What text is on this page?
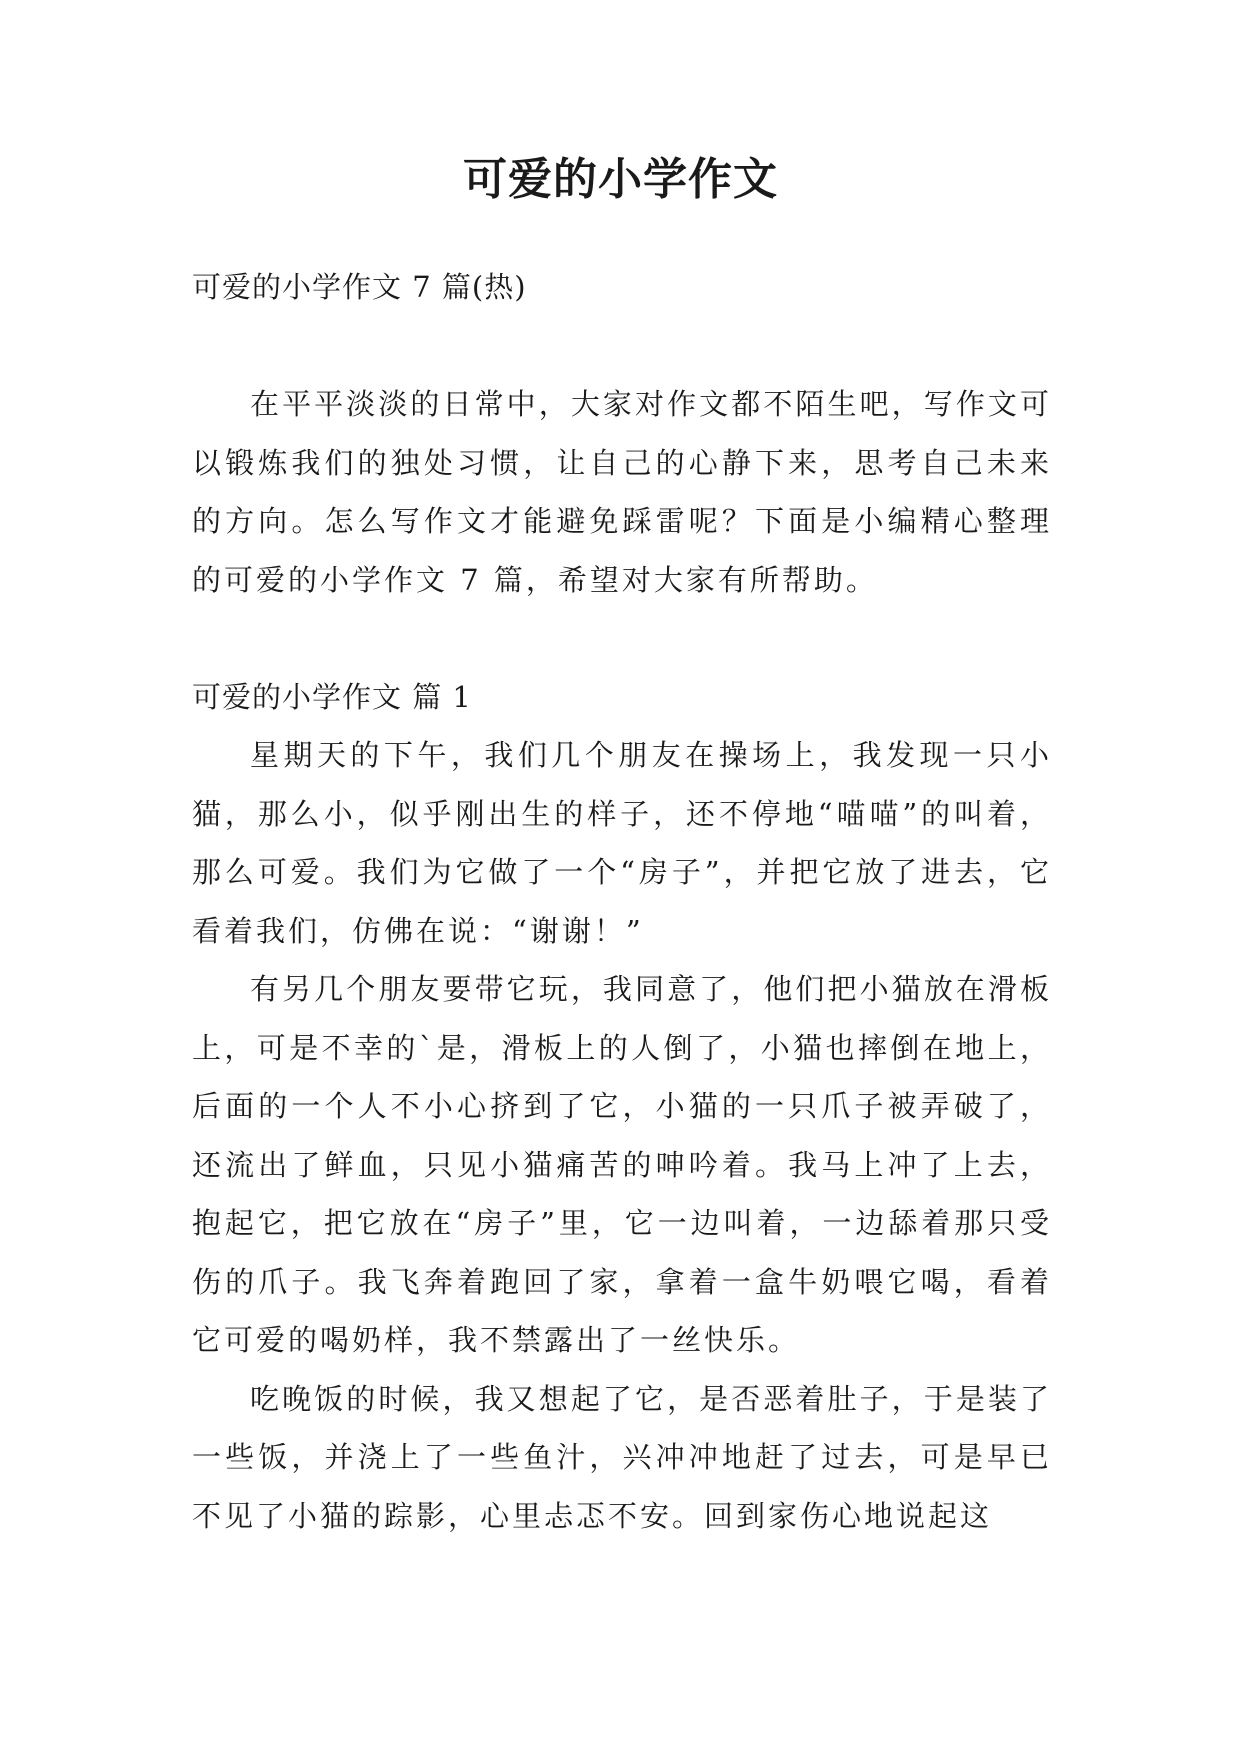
可爱的小学作文

可爱的小学作文 7 篇(热)

在平平淡淡的日常中，大家对作文都不陌生吧，写作文可以锻炼我们的独处习惯，让自己的心静下来，思考自己未来的方向。怎么写作文才能避免踩雷呢？下面是小编精心整理的可爱的小学作文 7 篇，希望对大家有所帮助。

可爱的小学作文 篇 1

星期天的下午，我们几个朋友在操场上，我发现一只小猫，那么小，似乎刚出生的样子，还不停地“喵喵”的叫着，那么可爱。我们为它做了一个“房子”，并把它放了进去，它看着我们，仿佛在说：“谢谢！”

有另几个朋友要带它玩，我同意了，他们把小猫放在滑板上，可是不幸的`是，滑板上的人倒了，小猫也摔倒在地上，后面的一个人不小心挤到了它，小猫的一只爪子被弄破了，还流出了鲜血，只见小猫痛苦的呻吟着。我马上冲了上去，抱起它，把它放在“房子”里，它一边叫着，一边舔着那只受伤的爪子。我飞奔着跑回了家，拿着一盒牛奶喂它喝，看着它可爱的喝奶样，我不禁露出了一丝快乐。

吃晚饭的时候，我又想起了它，是否恶着肚子，于是装了一些饭，并浇上了一些鱼汁，兴冲冲地赶了过去，可是早已不见了小猫的踪影，心里忐忑不安。回到家伤心地说起这
